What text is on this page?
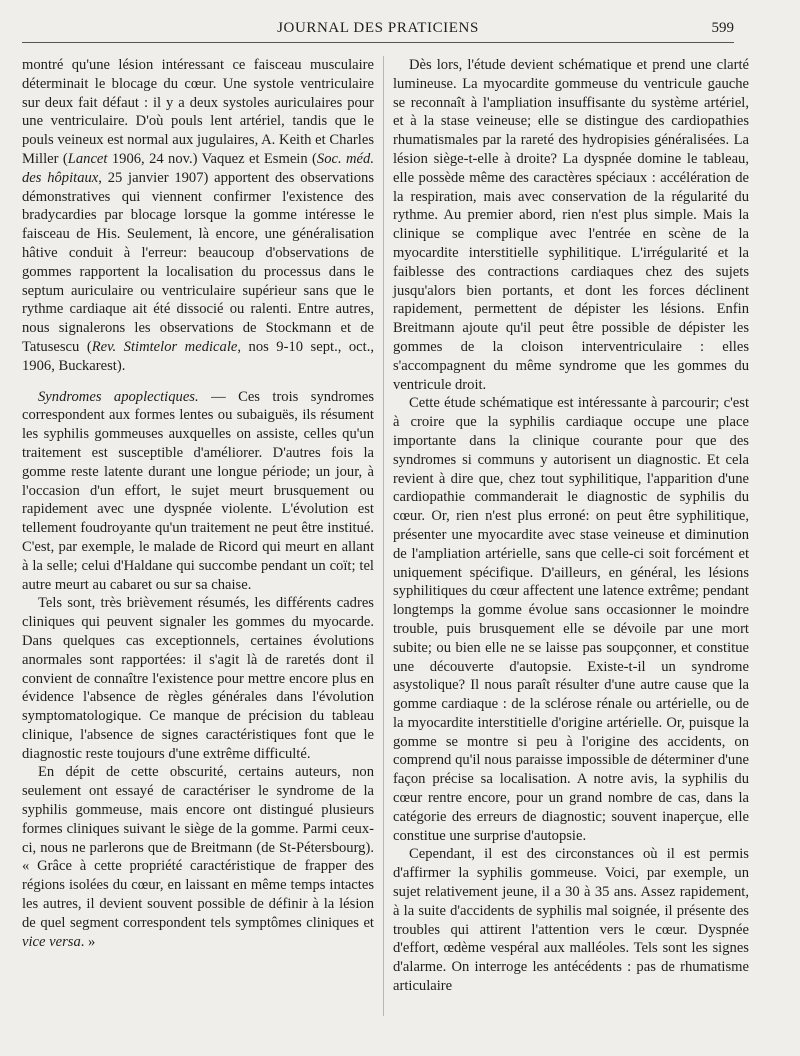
JOURNAL DES PRATICIENS	599

montré qu'une lésion intéressant ce faisceau musculaire déterminait le blocage du cœur. Une systole ventriculaire sur deux fait défaut : il y a deux systoles auriculaires pour une ventriculaire. D'où pouls lent artériel, tandis que le pouls veineux est normal aux jugulaires, A. Keith et Charles Miller (Lancet 1906, 24 nov.) Vaquez et Esmein (Soc. méd. des hôpitaux, 25 janvier 1907) apportent des observations démonstratives qui viennent confirmer l'existence des bradycardies par blocage lorsque la gomme intéresse le faisceau de His. Seulement, là encore, une généralisation hâtive conduit à l'erreur: beaucoup d'observations de gommes rapportent la localisation du processus dans le septum auriculaire ou ventriculaire supérieur sans que le rythme cardiaque ait été dissocié ou ralenti. Entre autres, nous signalerons les observations de Stockmann et de Tatusescu (Rev. Stimtelor medicale, nos 9-10 sept., oct., 1906, Buckarest).

Syndromes apoplectiques. — Ces trois syndromes correspondent aux formes lentes ou subaiguës, ils résument les syphilis gommeuses auxquelles on assiste, celles qu'un traitement est susceptible d'améliorer. D'autres fois la gomme reste latente durant une longue période; un jour, à l'occasion d'un effort, le sujet meurt brusquement ou rapidement avec une dyspnée violente. L'évolution est tellement foudroyante qu'un traitement ne peut être institué. C'est, par exemple, le malade de Ricord qui meurt en allant à la selle; celui d'Haldane qui succombe pendant un coït; tel autre meurt au cabaret ou sur sa chaise.

Tels sont, très brièvement résumés, les différents cadres cliniques qui peuvent signaler les gommes du myocarde. Dans quelques cas exceptionnels, certaines évolutions anormales sont rapportées: il s'agit là de raretés dont il convient de connaître l'existence pour mettre encore plus en évidence l'absence de règles générales dans l'évolution symptomatologique. Ce manque de précision du tableau clinique, l'absence de signes caractéristiques font que le diagnostic reste toujours d'une extrême difficulté.

En dépit de cette obscurité, certains auteurs, non seulement ont essayé de caractériser le syndrome de la syphilis gommeuse, mais encore ont distingué plusieurs formes cliniques suivant le siège de la gomme. Parmi ceux-ci, nous ne parlerons que de Breitmann (de St-Pétersbourg). « Grâce à cette propriété caractéristique de frapper des régions isolées du cœur, en laissant en même temps intactes les autres, il devient souvent possible de définir à la lésion de quel segment correspondent tels symptômes cliniques et vice versa. »

Dès lors, l'étude devient schématique et prend une clarté lumineuse. La myocardite gommeuse du ventricule gauche se reconnaît à l'ampliation insuffisante du système artériel, et à la stase veineuse; elle se distingue des cardiopathies rhumatismales par la rareté des hydropisies généralisées. La lésion siège-t-elle à droite? La dyspnée domine le tableau, elle possède même des caractères spéciaux : accélération de la respiration, mais avec conservation de la régularité du rythme. Au premier abord, rien n'est plus simple. Mais la clinique se complique avec l'entrée en scène de la myocardite interstitielle syphilitique. L'irrégularité et la faiblesse des contractions cardiaques chez des sujets jusqu'alors bien portants, et dont les forces déclinent rapidement, permettent de dépister les lésions. Enfin Breitmann ajoute qu'il peut être possible de dépister les gommes de la cloison interventriculaire : elles s'accompagnent du même syndrome que les gommes du ventricule droit.

Cette étude schématique est intéressante à parcourir; c'est à croire que la syphilis cardiaque occupe une place importante dans la clinique courante pour que des syndromes si communs y autorisent un diagnostic. Et cela revient à dire que, chez tout syphilitique, l'apparition d'une cardiopathie commanderait le diagnostic de syphilis du cœur. Or, rien n'est plus erroné: on peut être syphilitique, présenter une myocardite avec stase veineuse et diminution de l'ampliation artérielle, sans que celle-ci soit forcément et uniquement spécifique. D'ailleurs, en général, les lésions syphilitiques du cœur affectent une latence extrême; pendant longtemps la gomme évolue sans occasionner le moindre trouble, puis brusquement elle se dévoile par une mort subite; ou bien elle ne se laisse pas soupçonner, et constitue une découverte d'autopsie. Existe-t-il un syndrome asystolique? Il nous paraît résulter d'une autre cause que la gomme cardiaque : de la sclérose rénale ou artérielle, ou de la myocardite interstitielle d'origine artérielle. Or, puisque la gomme se montre si peu à l'origine des accidents, on comprend qu'il nous paraisse impossible de déterminer d'une façon précise sa localisation. A notre avis, la syphilis du cœur rentre encore, pour un grand nombre de cas, dans la catégorie des erreurs de diagnostic; souvent inaperçue, elle constitue une surprise d'autopsie.

Cependant, il est des circonstances où il est permis d'affirmer la syphilis gommeuse. Voici, par exemple, un sujet relativement jeune, il a 30 à 35 ans. Assez rapidement, à la suite d'accidents de syphilis mal soignée, il présente des troubles qui attirent l'attention vers le cœur. Dyspnée d'effort, œdème vespéral aux malléoles. Tels sont les signes d'alarme. On interroge les antécédents : pas de rhumatisme articulaire
